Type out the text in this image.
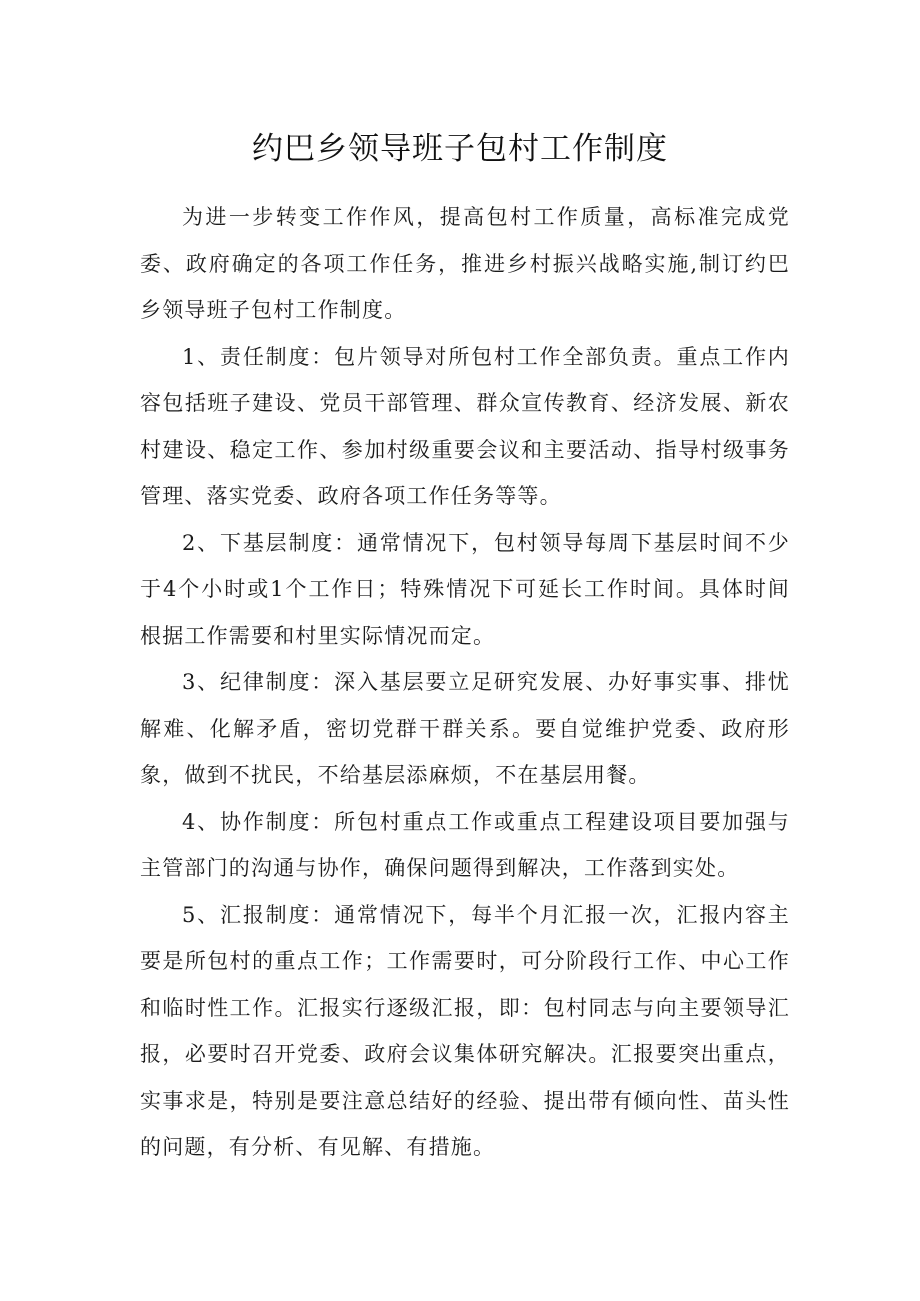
约巴乡领导班子包村工作制度

为进一步转变工作作风，提高包村工作质量，高标准完成党委、政府确定的各项工作任务，推进乡村振兴战略实施,制订约巴乡领导班子包村工作制度。

1、责任制度：包片领导对所包村工作全部负责。重点工作内容包括班子建设、党员干部管理、群众宣传教育、经济发展、新农村建设、稳定工作、参加村级重要会议和主要活动、指导村级事务管理、落实党委、政府各项工作任务等等。

2、下基层制度：通常情况下，包村领导每周下基层时间不少于4个小时或1个工作日；特殊情况下可延长工作时间。具体时间根据工作需要和村里实际情况而定。

3、纪律制度：深入基层要立足研究发展、办好事实事、排忧解难、化解矛盾，密切党群干群关系。要自觉维护党委、政府形象，做到不扰民，不给基层添麻烦，不在基层用餐。

4、协作制度：所包村重点工作或重点工程建设项目要加强与主管部门的沟通与协作，确保问题得到解决，工作落到实处。

5、汇报制度：通常情况下，每半个月汇报一次，汇报内容主要是所包村的重点工作；工作需要时，可分阶段行工作、中心工作和临时性工作。汇报实行逐级汇报，即：包村同志与向主要领导汇报，必要时召开党委、政府会议集体研究解决。汇报要突出重点，实事求是，特别是要注意总结好的经验、提出带有倾向性、苗头性的问题，有分析、有见解、有措施。
